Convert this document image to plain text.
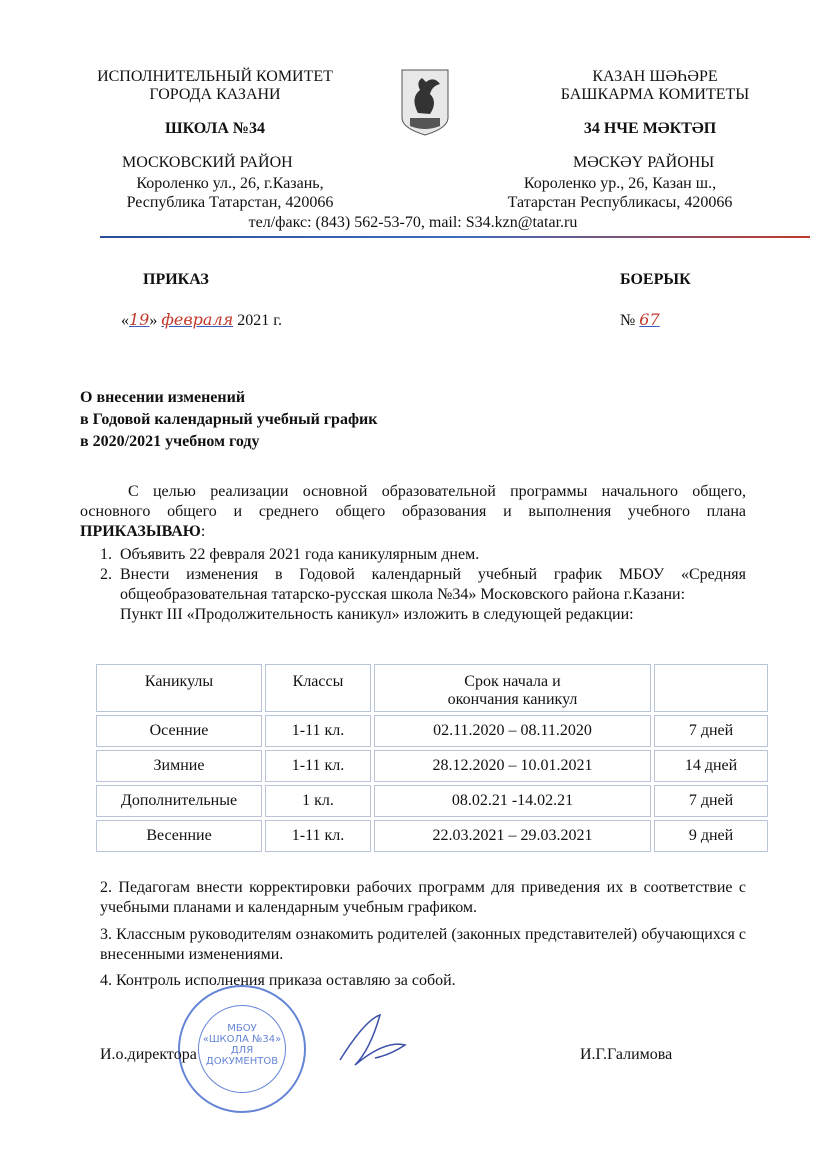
ИСПОЛНИТЕЛЬНЫЙ КОМИТЕТ
ГОРОДА КАЗАНИ
ШКОЛА №34
МОСКОВСКИЙ РАЙОН
Короленко ул., 26, г.Казань,
Республика Татарстан, 420066
КАЗАН ШӘҺӘРЕ
БАШКАРМА КОМИТЕТЫ
34 НЧЕ МӘКТӘП
МӘСКӘҮ РАЙОНЫ
Короленко ур., 26, Казан ш.,
Татарстан Республикасы, 420066
тел/факс: (843) 562-53-70, mail: S34.kzn@tatar.ru
ПРИКАЗ	БОЕРЫК
«19» февраля 2021 г.	№ 67
О внесении изменений
в Годовой календарный учебный график
в 2020/2021 учебном году
С целью реализации основной образовательной программы начального общего, основного общего и среднего общего образования и выполнения учебного плана ПРИКАЗЫВАЮ:
1. Объявить 22 февраля 2021 года каникулярным днем.
2. Внести изменения в Годовой календарный учебный график МБОУ «Средняя общеобразовательная татарско-русская школа №34» Московского района г.Казани:
Пункт III «Продолжительность каникул» изложить в следующей редакции:
Каникулы	Классы	Срок начала и окончания каникул	
Осенние	1-11 кл.	02.11.2020 – 08.11.2020	7 дней
Зимние	1-11 кл.	28.12.2020 – 10.01.2021	14 дней
Дополнительные	1 кл.	08.02.21 -14.02.21	7 дней
Весенние	1-11 кл.	22.03.2021 – 29.03.2021	9 дней
2. Педагогам внести корректировки рабочих программ для приведения их в соответствие с учебными планами и календарным учебным графиком.
3. Классным руководителям ознакомить родителей (законных представителей) обучающихся с внесенными изменениями.
4. Контроль исполнения приказа оставляю за собой.
МБОУ
«ШКОЛА №34»
ДЛЯ
ДОКУМЕНТОВ
И.о.директора	И.Г.Галимова
